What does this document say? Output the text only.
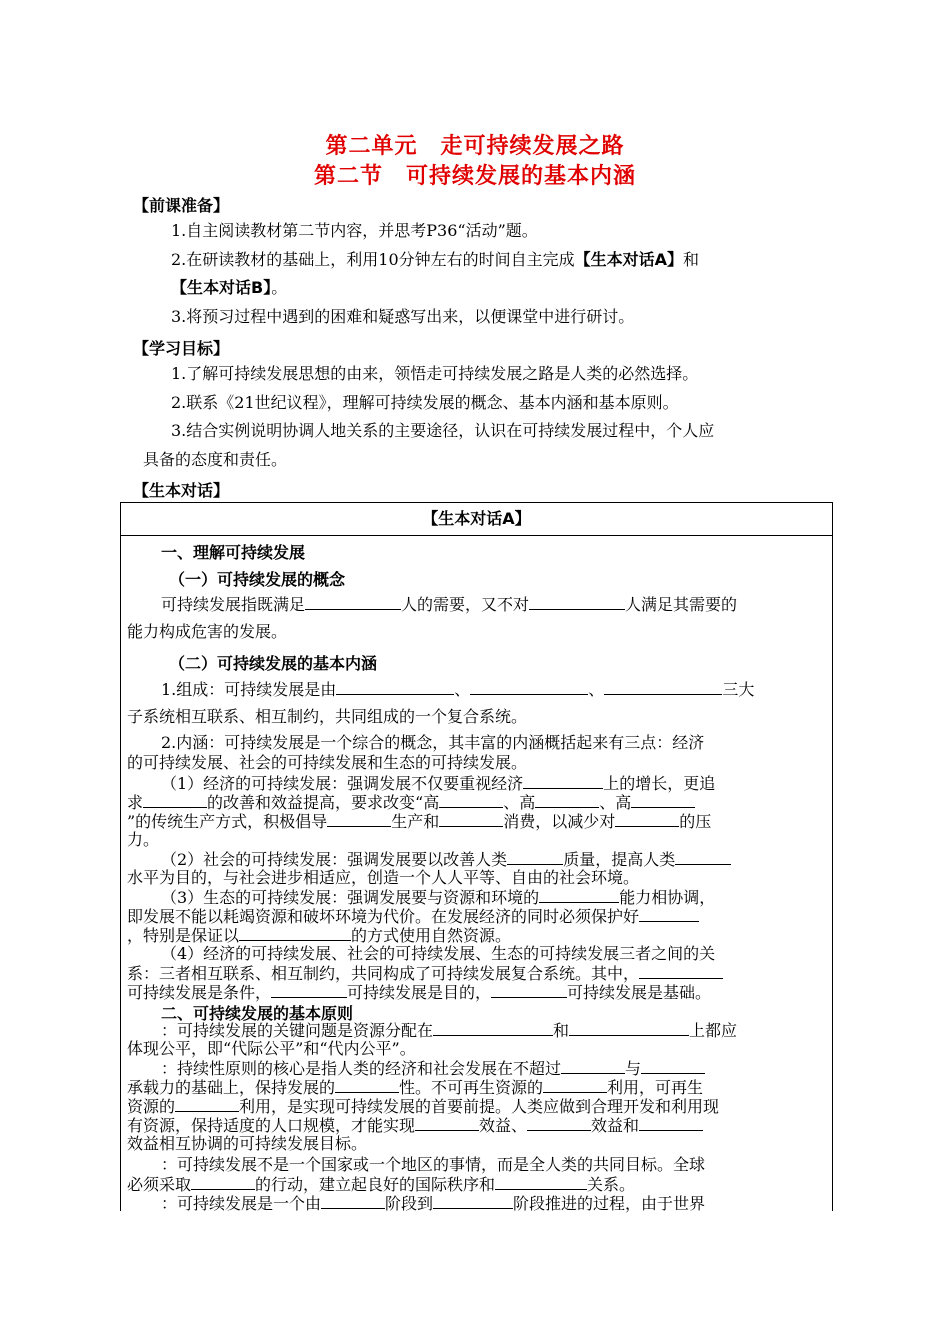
第二单元　走可持续发展之路
第二节　可持续发展的基本内涵
【前课准备】
1.自主阅读教材第二节内容，并思考P36“活动”题。
2.在研读教材的基础上，利用10分钟左右的时间自主完成【生本对话A】和
【生本对话B】。
3.将预习过程中遇到的困难和疑惑写出来，以便课堂中进行研讨。
【学习目标】
1.了解可持续发展思想的由来，领悟走可持续发展之路是人类的必然选择。
2.联系《21世纪议程》，理解可持续发展的概念、基本内涵和基本原则。
3.结合实例说明协调人地关系的主要途径，认识在可持续发展过程中，个人应
具备的态度和责任。
【生本对话】
【生本对话A】
一、理解可持续发展
（一）可持续发展的概念
可持续发展指既满足	人的需要，又不对	人满足其需要的
能力构成危害的发展。
（二）可持续发展的基本内涵
1.组成：可持续发展是由	、	、	三大
子系统相互联系、相互制约，共同组成的一个复合系统。
2.内涵：可持续发展是一个综合的概念，其丰富的内涵概括起来有三点：经济
的可持续发展、社会的可持续发展和生态的可持续发展。
（1）经济的可持续发展：强调发展不仅要重视经济	上的增长，更追
求	的改善和效益提高，要求改变“高	、高	、高
”的传统生产方式，积极倡导	生产和	消费，以减少对	的压
力。
（2）社会的可持续发展：强调发展要以改善人类	质量，提高人类
水平为目的，与社会进步相适应，创造一个人人平等、自由的社会环境。
（3）生态的可持续发展：强调发展要与资源和环境的	能力相协调，
即发展不能以耗竭资源和破坏环境为代价。在发展经济的同时必须保护好
，特别是保证以	的方式使用自然资源。
（4）经济的可持续发展、社会的可持续发展、生态的可持续发展三者之间的关
系：三者相互联系、相互制约，共同构成了可持续发展复合系统。其中，
可持续发展是条件，	可持续发展是目的，	可持续发展是基础。
二、可持续发展的基本原则
：可持续发展的关键问题是资源分配在	和	上都应
体现公平，即“代际公平”和“代内公平”。
：持续性原则的核心是指人类的经济和社会发展在不超过	与
承载力的基础上，保持发展的	性。不可再生资源的	利用，可再生
资源的	利用，是实现可持续发展的首要前提。人类应做到合理开发和利用现
有资源，保持适度的人口规模，才能实现	效益、	效益和
效益相互协调的可持续发展目标。
：可持续发展不是一个国家或一个地区的事情，而是全人类的共同目标。全球
必须采取	的行动，建立起良好的国际秩序和	关系。
：可持续发展是一个由	阶段到	阶段推进的过程，由于世界
